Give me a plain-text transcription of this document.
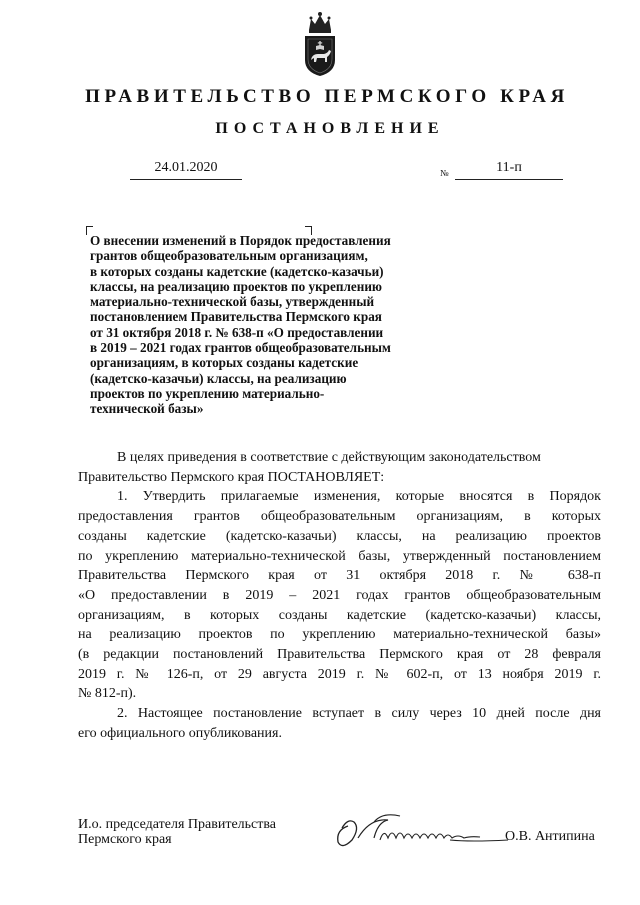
ПРАВИТЕЛЬСТВО ПЕРМСКОГО КРАЯ
ПОСТАНОВЛЕНИЕ
24.01.2020	№	11-п
О внесении изменений в Порядок предоставления
грантов общеобразовательным организациям,
в которых созданы кадетские (кадетско-казачьи)
классы, на реализацию проектов по укреплению
материально-технической базы, утвержденный
постановлением Правительства Пермского края
от 31 октября 2018 г. № 638-п «О предоставлении
в 2019 – 2021 годах грантов общеобразовательным
организациям, в которых созданы кадетские
(кадетско-казачьи) классы, на реализацию
проектов по укреплению материально-
технической базы»
В целях приведения в соответствие с действующим законодательством
Правительство Пермского края ПОСТАНОВЛЯЕТ:
1. Утвердить прилагаемые изменения, которые вносятся в Порядок
предоставления грантов общеобразовательным организациям, в которых
созданы кадетские (кадетско-казачьи) классы, на реализацию проектов
по укреплению материально-технической базы, утвержденный постановлением
Правительства Пермского края от 31 октября 2018 г. № 638-п
«О предоставлении в 2019 – 2021 годах грантов общеобразовательным
организациям, в которых созданы кадетские (кадетско-казачьи) классы,
на реализацию проектов по укреплению материально-технической базы»
(в редакции постановлений Правительства Пермского края от 28 февраля
2019 г. № 126-п, от 29 августа 2019 г. № 602-п, от 13 ноября 2019 г.
№ 812-п).
2. Настоящее постановление вступает в силу через 10 дней после дня
его официального опубликования.
И.о. председателя Правительства
Пермского края	О.В. Антипина
